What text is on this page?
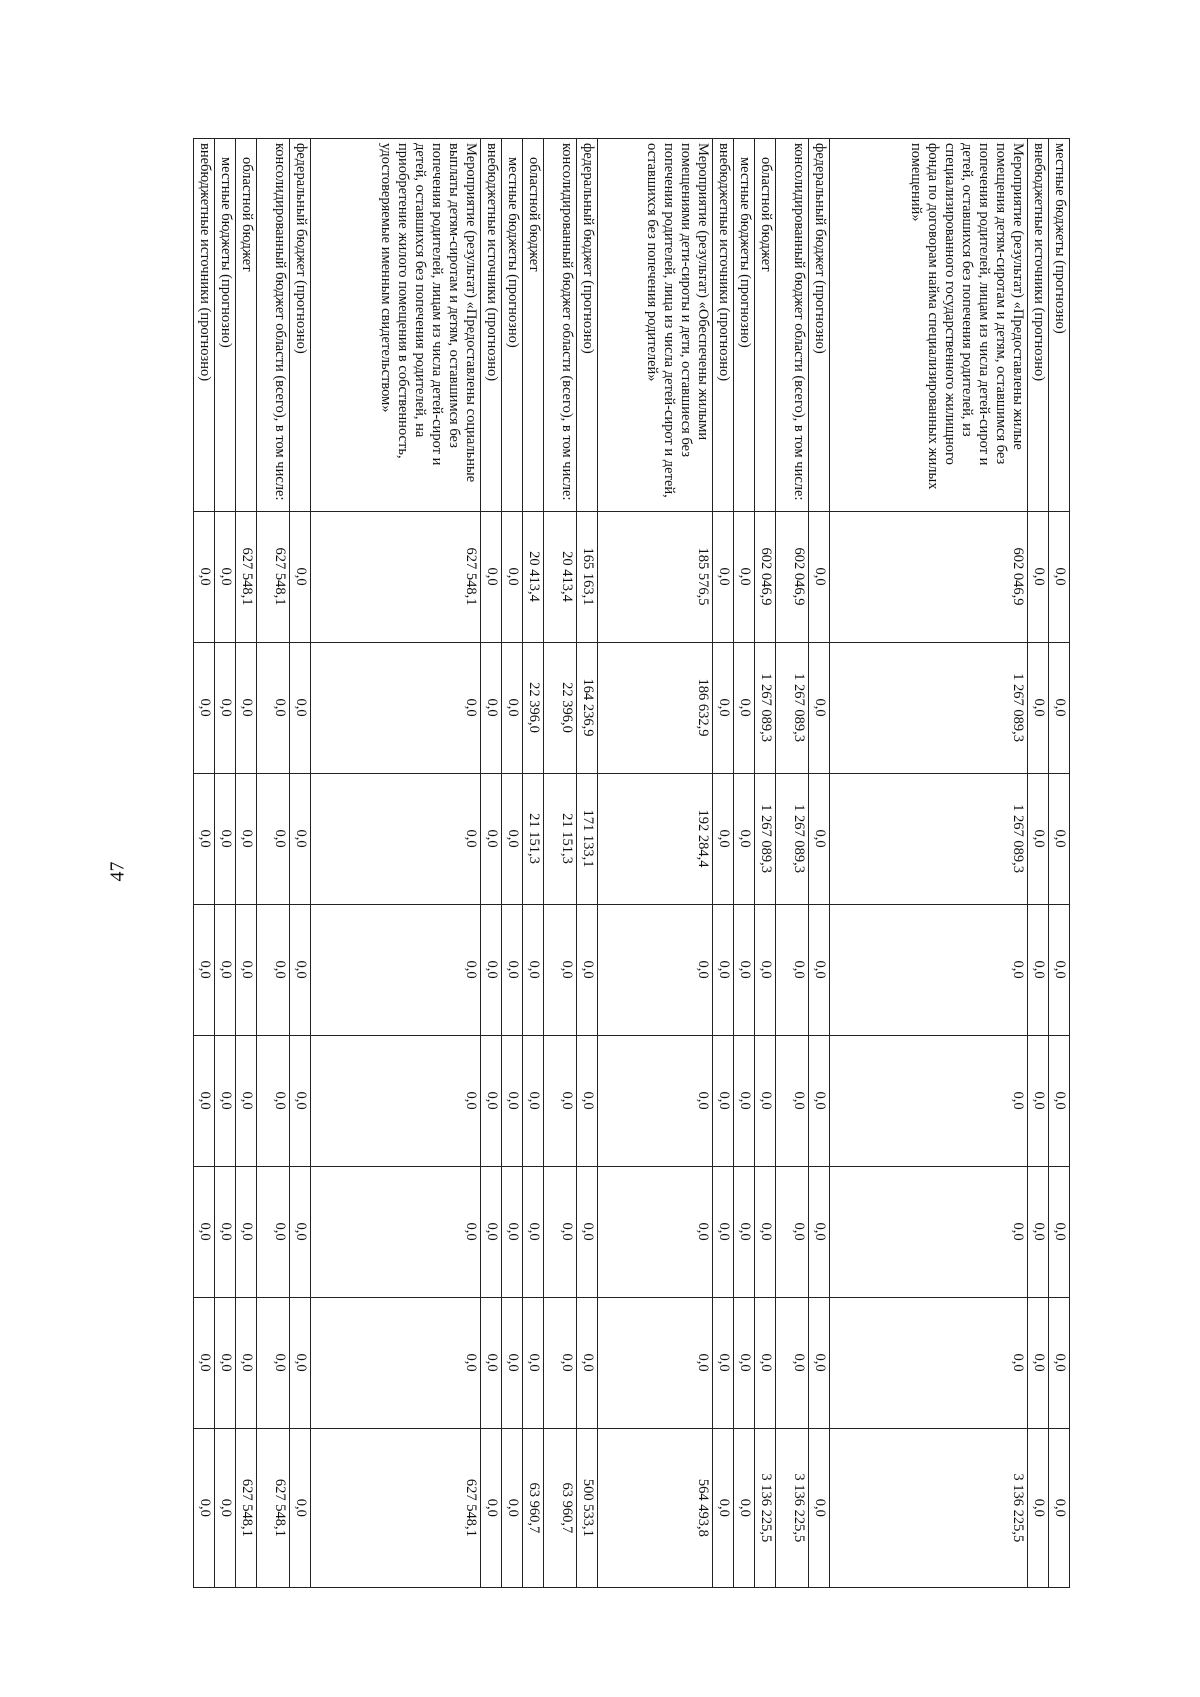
47
местные бюджеты (прогнозно)	0,0	0,0	0,0	0,0	0,0	0,0	0,0	0,0
внебюджетные источники (прогнозно)	0,0	0,0	0,0	0,0	0,0	0,0	0,0	0,0
Мероприятие (результат) «Предоставлены жилые помещения детям-сиротам и детям, оставшимся без попечения родителей, лицам из числа детей-сирот и детей, оставшихся без попечения родителей, из специализированного государственного жилищного фонда по договорам найма специализированных жилых помещений»	602 046,9	1 267 089,3	1 267 089,3	0,0	0,0	0,0	0,0	3 136 225,5
федеральный бюджет (прогнозно)	0,0	0,0	0,0	0,0	0,0	0,0	0,0	0,0
консолидированный бюджет области (всего), в том числе:	602 046,9	1 267 089,3	1 267 089,3	0,0	0,0	0,0	0,0	3 136 225,5
областной бюджет	602 046,9	1 267 089,3	1 267 089,3	0,0	0,0	0,0	0,0	3 136 225,5
местные бюджеты (прогнозно)	0,0	0,0	0,0	0,0	0,0	0,0	0,0	0,0
внебюджетные источники (прогнозно)	0,0	0,0	0,0	0,0	0,0	0,0	0,0	0,0
Мероприятие (результат) «Обеспечены жилыми помещениями дети-сироты и дети, оставшиеся без попечения родителей, лица из числа детей-сирот и детей, оставшихся без попечения родителей»	185 576,5	186 632,9	192 284,4	0,0	0,0	0,0	0,0	564 493,8
федеральный бюджет (прогнозно)	165 163,1	164 236,9	171 133,1	0,0	0,0	0,0	0,0	500 533,1
консолидированный бюджет области (всего), в том числе:	20 413,4	22 396,0	21 151,3	0,0	0,0	0,0	0,0	63 960,7
областной бюджет	20 413,4	22 396,0	21 151,3	0,0	0,0	0,0	0,0	63 960,7
местные бюджеты (прогнозно)	0,0	0,0	0,0	0,0	0,0	0,0	0,0	0,0
внебюджетные источники (прогнозно)	0,0	0,0	0,0	0,0	0,0	0,0	0,0	0,0
Мероприятие (результат) «Предоставлены социальные выплаты детям-сиротам и детям, оставшимся без попечения родителей, лицам из числа детей-сирот и детей, оставшихся без попечения родителей, на приобретение жилого помещения в собственность, удостоверяемые именным свидетельством»	627 548,1	0,0	0,0	0,0	0,0	0,0	0,0	627 548,1
федеральный бюджет (прогнозно)	0,0	0,0	0,0	0,0	0,0	0,0	0,0	0,0
консолидированный бюджет области (всего), в том числе:	627 548,1	0,0	0,0	0,0	0,0	0,0	0,0	627 548,1
областной бюджет	627 548,1	0,0	0,0	0,0	0,0	0,0	0,0	627 548,1
местные бюджеты (прогнозно)	0,0	0,0	0,0	0,0	0,0	0,0	0,0	0,0
внебюджетные источники (прогнозно)	0,0	0,0	0,0	0,0	0,0	0,0	0,0	0,0
